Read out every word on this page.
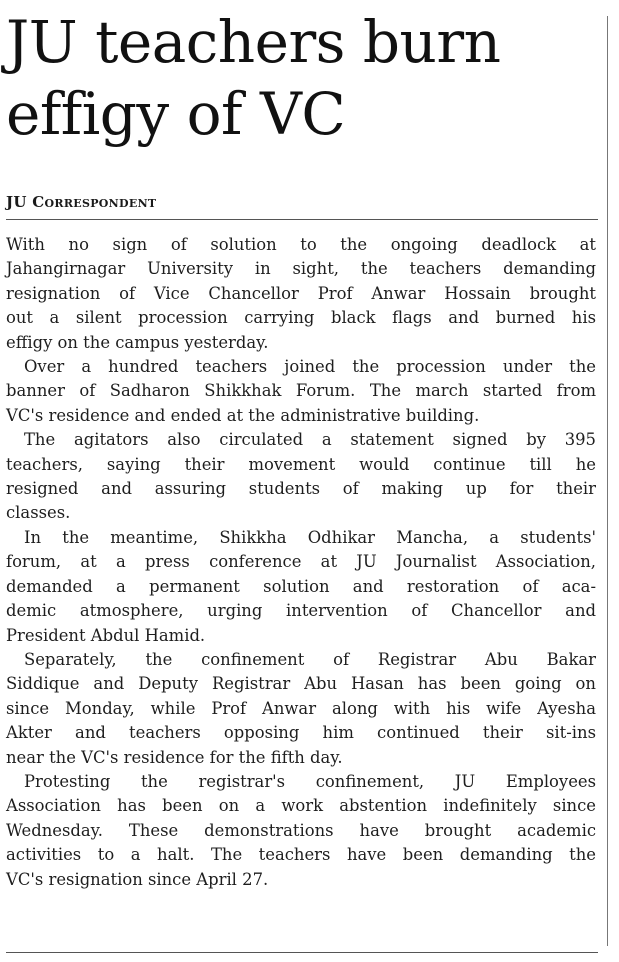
JU teachers burn
effigy of VC
JU Correspondent

With no sign of solution to the ongoing deadlock at
Jahangirnagar University in sight, the teachers demanding
resignation of Vice Chancellor Prof Anwar Hossain brought
out a silent procession carrying black flags and burned his
effigy on the campus yesterday.

Over a hundred teachers joined the procession under the
banner of Sadharon Shikkhak Forum. The march started from
VC's residence and ended at the administrative building.

The agitators also circulated a statement signed by 395
teachers, saying their movement would continue till he
resigned and assuring students of making up for their
classes.

In the meantime, Shikkha Odhikar Mancha, a students'
forum, at a press conference at JU Journalist Association,
demanded a permanent solution and restoration of aca-
demic atmosphere, urging intervention of Chancellor and
President Abdul Hamid.

Separately, the confinement of Registrar Abu Bakar
Siddique and Deputy Registrar Abu Hasan has been going on
since Monday, while Prof Anwar along with his wife Ayesha
Akter and teachers opposing him continued their sit-ins
near the VC's residence for the fifth day.

Protesting the registrar's confinement, JU Employees
Association has been on a work abstention indefinitely since
Wednesday. These demonstrations have brought academic
activities to a halt. The teachers have been demanding the
VC's resignation since April 27.
